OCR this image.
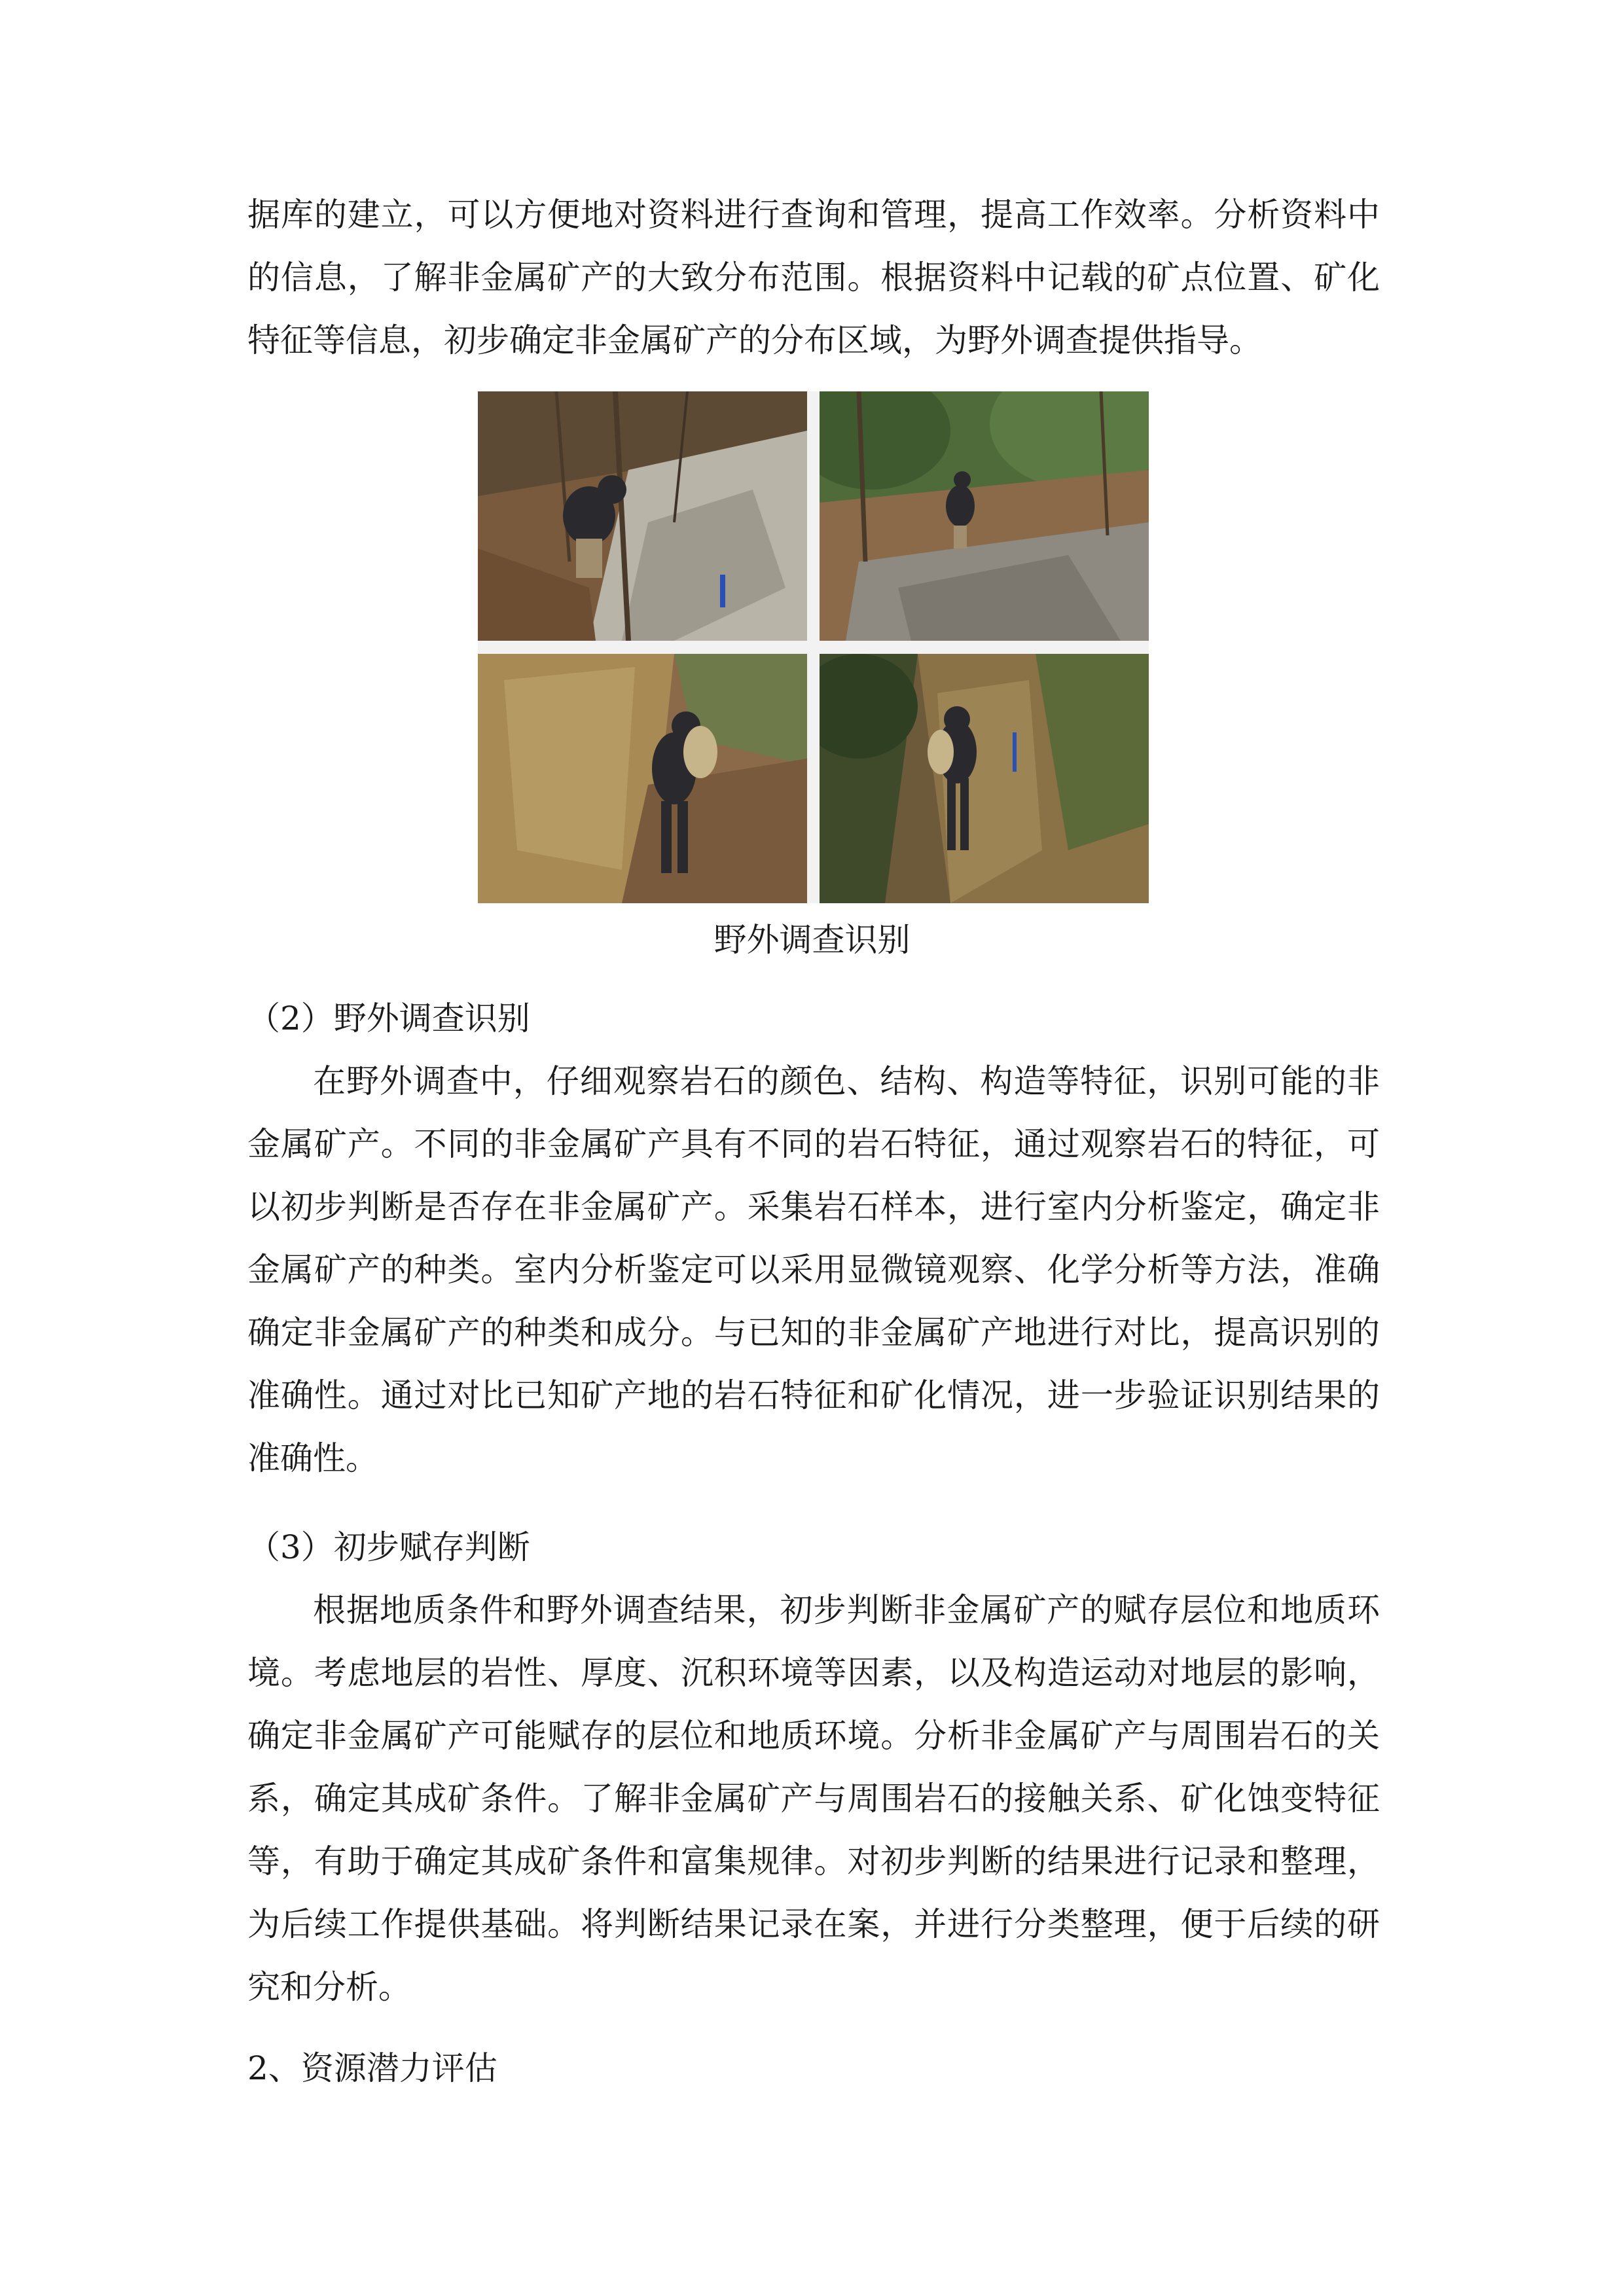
据库的建立，可以方便地对资料进行查询和管理，提高工作效率。分析资料中的信息，了解非金属矿产的大致分布范围。根据资料中记载的矿点位置、矿化特征等信息，初步确定非金属矿产的分布区域，为野外调查提供指导。

野外调查识别
（2）野外调查识别

在野外调查中，仔细观察岩石的颜色、结构、构造等特征，识别可能的非金属矿产。不同的非金属矿产具有不同的岩石特征，通过观察岩石的特征，可以初步判断是否存在非金属矿产。采集岩石样本，进行室内分析鉴定，确定非金属矿产的种类。室内分析鉴定可以采用显微镜观察、化学分析等方法，准确确定非金属矿产的种类和成分。与已知的非金属矿产地进行对比，提高识别的准确性。通过对比已知矿产地的岩石特征和矿化情况，进一步验证识别结果的准确性。

（3）初步赋存判断

根据地质条件和野外调查结果，初步判断非金属矿产的赋存层位和地质环境。考虑地层的岩性、厚度、沉积环境等因素，以及构造运动对地层的影响，确定非金属矿产可能赋存的层位和地质环境。分析非金属矿产与周围岩石的关系，确定其成矿条件。了解非金属矿产与周围岩石的接触关系、矿化蚀变特征等，有助于确定其成矿条件和富集规律。对初步判断的结果进行记录和整理，为后续工作提供基础。将判断结果记录在案，并进行分类整理，便于后续的研究和分析。

2、资源潜力评估
